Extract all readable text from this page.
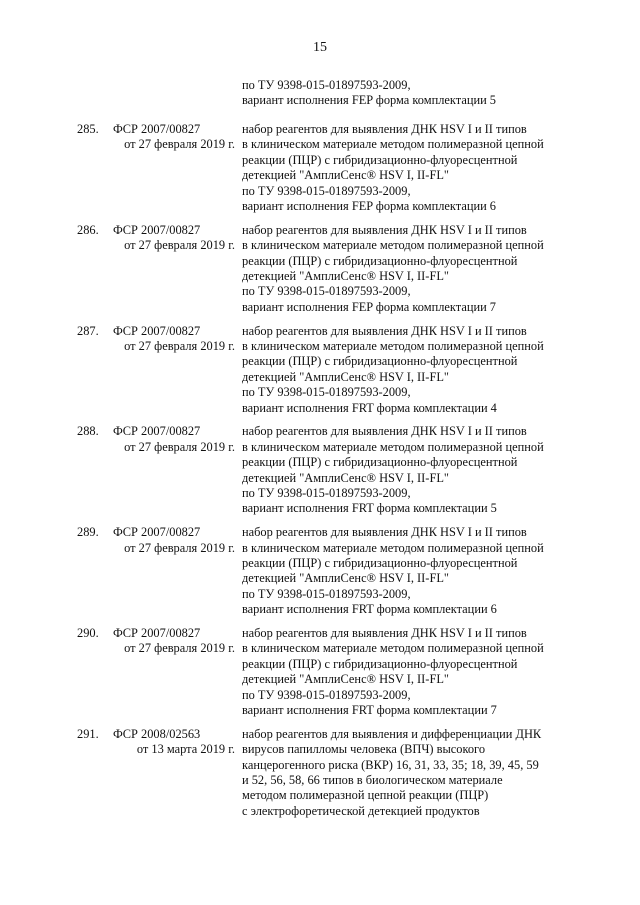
15
по ТУ 9398-015-01897593-2009,
вариант исполнения FEP форма комплектации 5
285. ФСР 2007/00827
от 27 февраля 2019 г.
набор реагентов для выявления ДНК HSV I и II типов
в клиническом материале методом полимеразной цепной
реакции (ПЦР) с гибридизационно-флуоресцентной
детекцией "АмплиСенс® HSV I, II-FL"
по ТУ 9398-015-01897593-2009,
вариант исполнения FEP форма комплектации 6
286. ФСР 2007/00827
от 27 февраля 2019 г.
набор реагентов для выявления ДНК HSV I и II типов
в клиническом материале методом полимеразной цепной
реакции (ПЦР) с гибридизационно-флуоресцентной
детекцией "АмплиСенс® HSV I, II-FL"
по ТУ 9398-015-01897593-2009,
вариант исполнения FEP форма комплектации 7
287. ФСР 2007/00827
от 27 февраля 2019 г.
набор реагентов для выявления ДНК HSV I и II типов
в клиническом материале методом полимеразной цепной
реакции (ПЦР) с гибридизационно-флуоресцентной
детекцией "АмплиСенс® HSV I, II-FL"
по ТУ 9398-015-01897593-2009,
вариант исполнения FRT форма комплектации 4
288. ФСР 2007/00827
от 27 февраля 2019 г.
набор реагентов для выявления ДНК HSV I и II типов
в клиническом материале методом полимеразной цепной
реакции (ПЦР) с гибридизационно-флуоресцентной
детекцией "АмплиСенс® HSV I, II-FL"
по ТУ 9398-015-01897593-2009,
вариант исполнения FRT форма комплектации 5
289. ФСР 2007/00827
от 27 февраля 2019 г.
набор реагентов для выявления ДНК HSV I и II типов
в клиническом материале методом полимеразной цепной
реакции (ПЦР) с гибридизационно-флуоресцентной
детекцией "АмплиСенс® HSV I, II-FL"
по ТУ 9398-015-01897593-2009,
вариант исполнения FRT форма комплектации 6
290. ФСР 2007/00827
от 27 февраля 2019 г.
набор реагентов для выявления ДНК HSV I и II типов
в клиническом материале методом полимеразной цепной
реакции (ПЦР) с гибридизационно-флуоресцентной
детекцией "АмплиСенс® HSV I, II-FL"
по ТУ 9398-015-01897593-2009,
вариант исполнения FRT форма комплектации 7
291. ФСР 2008/02563
от 13 марта 2019 г.
набор реагентов для выявления и дифференциации ДНК
вирусов папилломы человека (ВПЧ) высокого
канцерогенного риска (ВКР) 16, 31, 33, 35; 18, 39, 45, 59
и 52, 56, 58, 66 типов в биологическом материале
методом полимеразной цепной реакции (ПЦР)
с электрофоретической детекцией продуктов
